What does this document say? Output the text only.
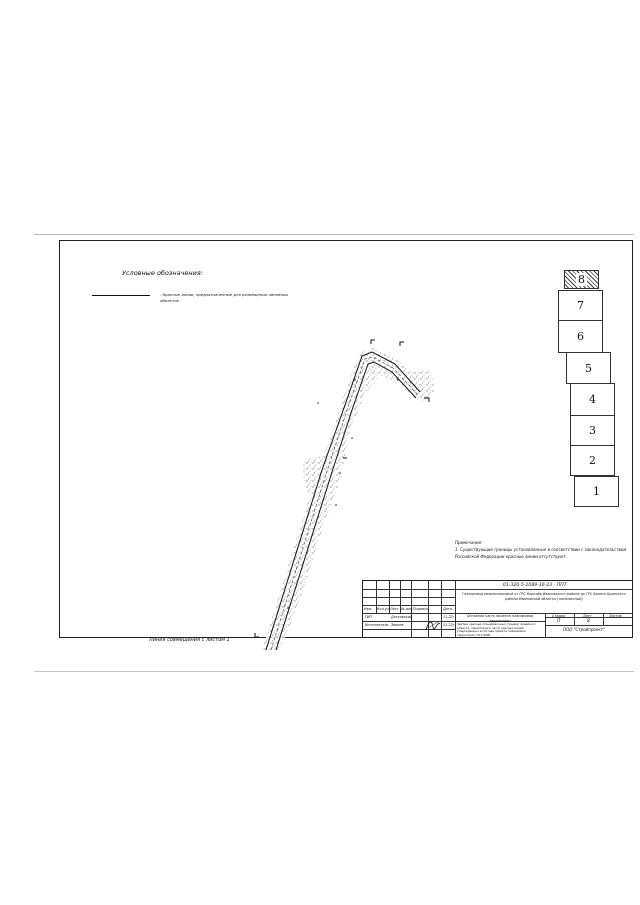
Условные обозначения:
- Красные линии, предназначенные для размещения линейных объектов
8
7
6
5
4
3
2
1
Примечание:
1. Существующие границы установленные в соответствии с законодательством
Российской Федерации красные линии отсутствуют.
01-320-5-1089-16-23 - ППТ
Газопровод межпоселковый от ГРС Королёв Ивановского района до ГРС Брянск Брянского района Ивановской области ( мельничный)
Изм. Кол.уч. Лист № док. Подпись	Дата
ГИП	Дятковский	11.22г
Исполнитель Зверев	11.22г
Основная часть проекта планировки территории
Чертеж красных планировочных (границ) линейного объекта, территории в части красных линий, утвержденных в составе проекта планировки территории / М 1:5000
Стадия	Лист	Листов
П	8
ООО "Стройпроект"
Линия совмещения с листом 1
